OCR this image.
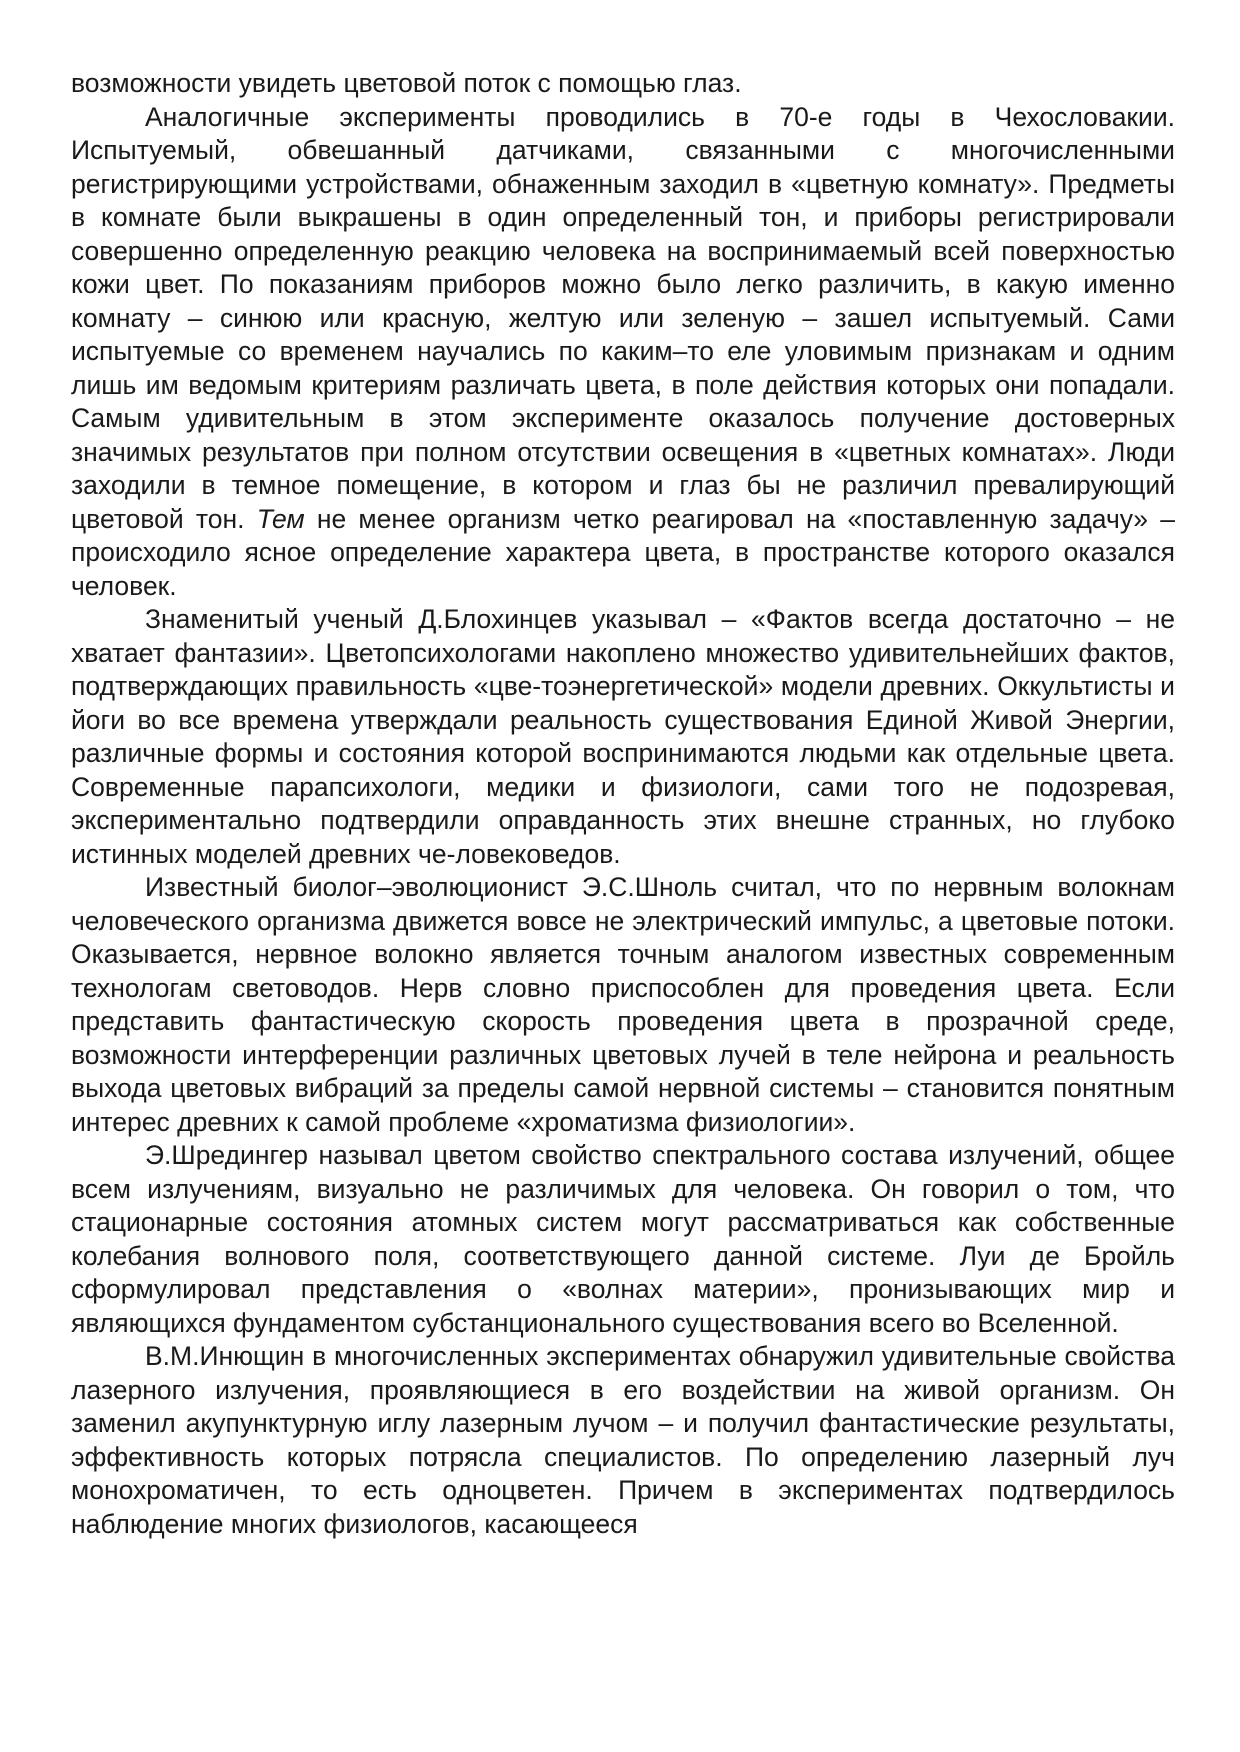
возможности увидеть цветовой поток с помощью глаз.

Аналогичные эксперименты проводились в 70-е годы в Чехословакии. Испытуемый, обвешанный датчиками, связанными с многочисленными регистрирующими устройствами, обнаженным заходил в «цветную комнату». Предметы в комнате были выкрашены в один определенный тон, и приборы регистрировали совершенно определенную реакцию человека на воспринимаемый всей поверхностью кожи цвет. По показаниям приборов можно было легко различить, в какую именно комнату – синюю или красную, желтую или зеленую – зашел испытуемый. Сами испытуемые со временем научались по каким–то еле уловимым признакам и одним лишь им ведомым критериям различать цвета, в поле действия которых они попадали. Самым удивительным в этом эксперименте оказалось получение достоверных значимых результатов при полном отсутствии освещения в «цветных комнатах». Люди заходили в темное помещение, в котором и глаз бы не различил превалирующий цветовой тон. Тем не менее организм четко реагировал на «поставленную задачу» – происходило ясное определение характера цвета, в пространстве которого оказался человек.

Знаменитый ученый Д.Блохинцев указывал – «Фактов всегда достаточно – не хватает фантазии». Цветопсихологами накоплено множество удивительнейших фактов, подтверждающих правильность «цве-тоэнергетической» модели древних. Оккультисты и йоги во все времена утверждали реальность существования Единой Живой Энергии, различные формы и состояния которой воспринимаются людьми как отдельные цвета. Современные парапсихологи, медики и физиологи, сами того не подозревая, экспериментально подтвердили оправданность этих внешне странных, но глубоко истинных моделей древних че-ловековедов.

Известный биолог–эволюционист Э.С.Шноль считал, что по нервным волокнам человеческого организма движется вовсе не электрический импульс, а цветовые потоки. Оказывается, нервное волокно является точным аналогом известных современным технологам световодов. Нерв словно приспособлен для проведения цвета. Если представить фантастическую скорость проведения цвета в прозрачной среде, возможности интерференции различных цветовых лучей в теле нейрона и реальность выхода цветовых вибраций за пределы самой нервной системы – становится понятным интерес древних к самой проблеме «хроматизма физиологии».

Э.Шредингер называл цветом свойство спектрального состава излучений, общее всем излучениям, визуально не различимых для человека. Он говорил о том, что стационарные состояния атомных систем могут рассматриваться как собственные колебания волнового поля, соответствующего данной системе. Луи де Бройль сформулировал представления о «волнах материи», пронизывающих мир и являющихся фундаментом субстанционального существования всего во Вселенной.

В.М.Инющин в многочисленных экспериментах обнаружил удивительные свойства лазерного излучения, проявляющиеся в его воздействии на живой организм. Он заменил акупунктурную иглу лазерным лучом – и получил фантастические результаты, эффективность которых потрясла специалистов. По определению лазерный луч монохроматичен, то есть одноцветен. Причем в экспериментах подтвердилось наблюдение многих физиологов, касающееся
